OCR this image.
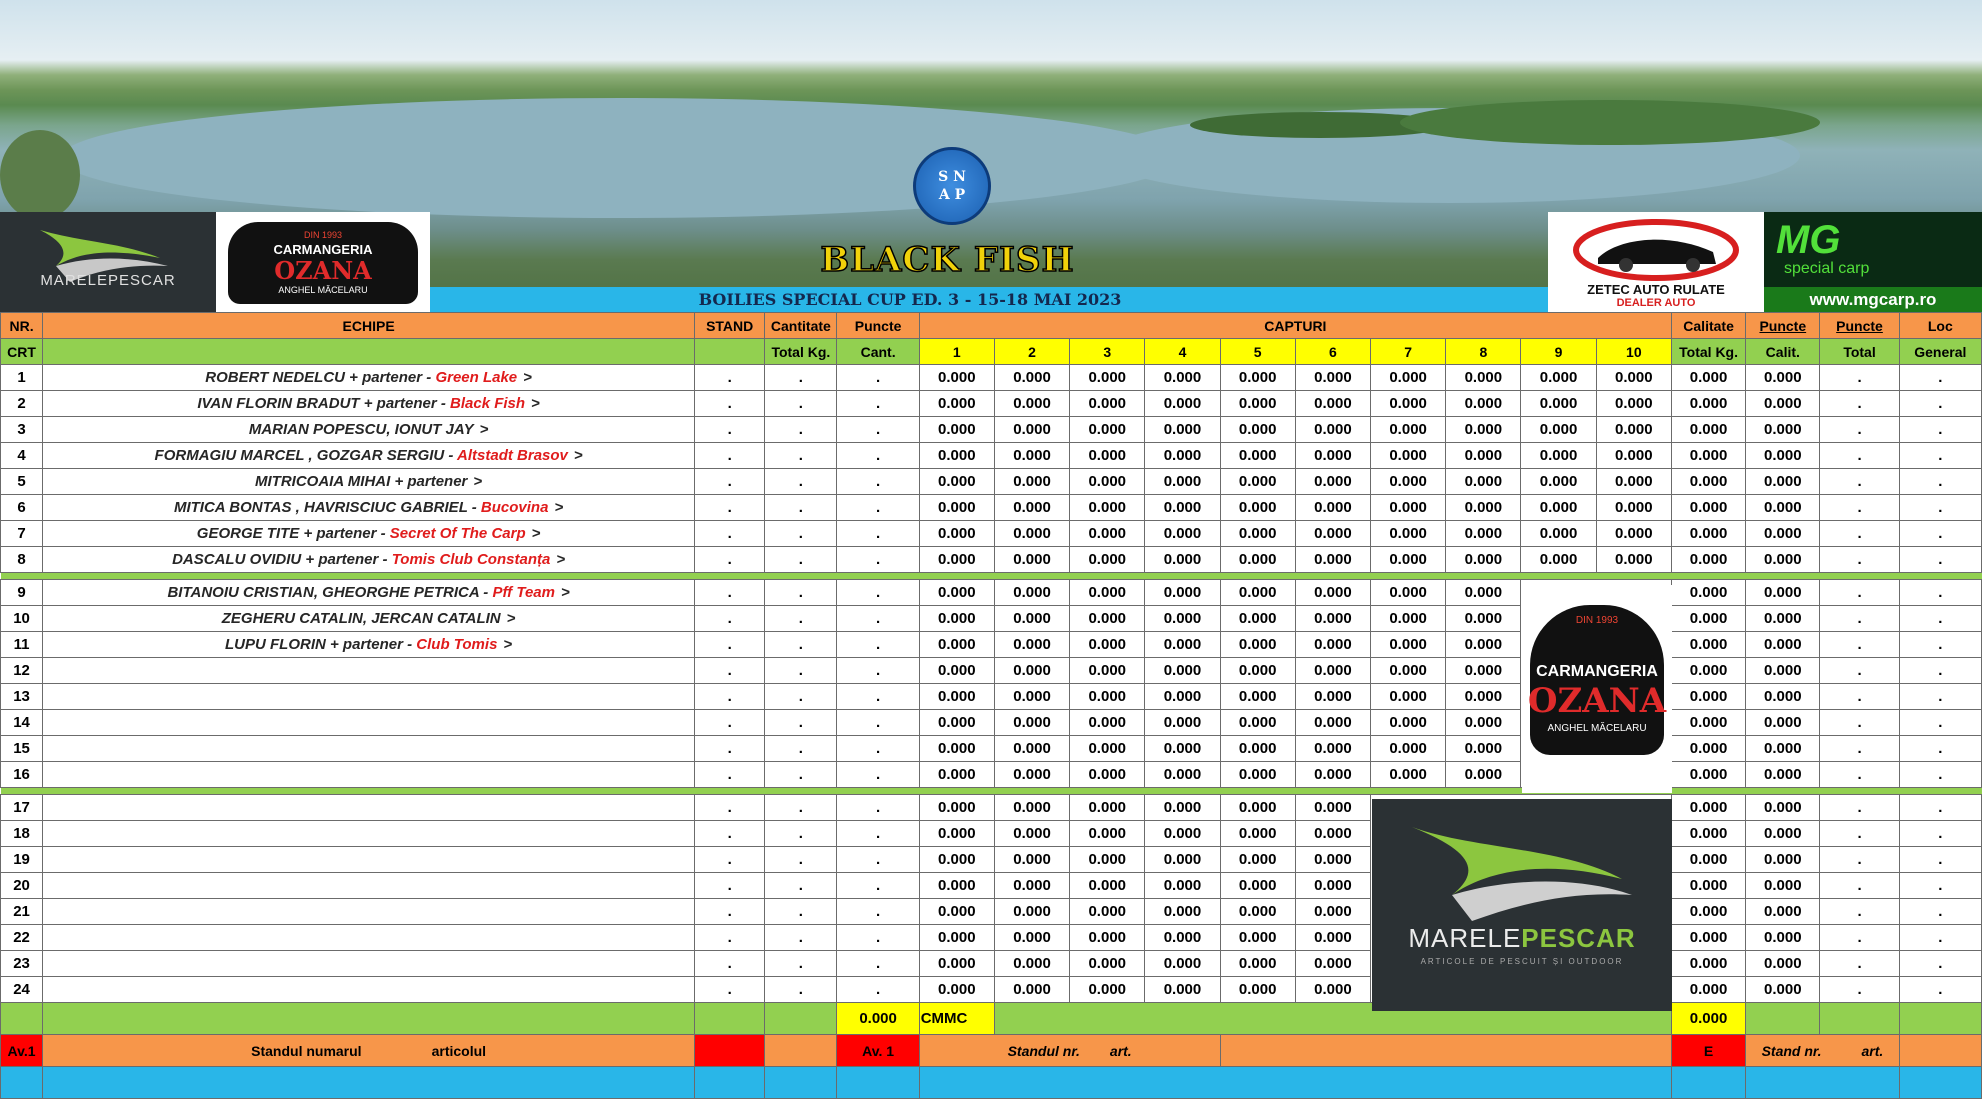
MARELEPESCAR
DIN 1993
CARMANGERIA
OZANA
ANGHEL MĂCELARU
S N
A P
BLACK FISH
BOILIES SPECIAL CUP ED. 3 - 15-18 MAI 2023
ZETEC AUTO RULATE
DEALER AUTO
MG
special carp
www.mgcarp.ro
NR.	ECHIPE	STAND	Cantitate	Puncte	CAPTURI										Calitate	Puncte	Puncte	Loc
CRT			Total Kg.	Cant.	1	2	3	4	5	6	7	8	9	10	Total Kg.	Calit.	Total	General
1	ROBERT NEDELCU + partener - Green Lake >	.	.	.	0.000	0.000	0.000	0.000	0.000	0.000	0.000	0.000	0.000	0.000	0.000	0.000	.	.
2	IVAN FLORIN BRADUT + partener - Black Fish >	.	.	.	0.000	0.000	0.000	0.000	0.000	0.000	0.000	0.000	0.000	0.000	0.000	0.000	.	.
3	MARIAN POPESCU, IONUT JAY >	.	.	.	0.000	0.000	0.000	0.000	0.000	0.000	0.000	0.000	0.000	0.000	0.000	0.000	.	.
4	FORMAGIU MARCEL , GOZGAR SERGIU - Altstadt Brasov >	.	.	.	0.000	0.000	0.000	0.000	0.000	0.000	0.000	0.000	0.000	0.000	0.000	0.000	.	.
5	MITRICOAIA MIHAI + partener >	.	.	.	0.000	0.000	0.000	0.000	0.000	0.000	0.000	0.000	0.000	0.000	0.000	0.000	.	.
6	MITICA BONTAS , HAVRISCIUC GABRIEL - Bucovina >	.	.	.	0.000	0.000	0.000	0.000	0.000	0.000	0.000	0.000	0.000	0.000	0.000	0.000	.	.
7	GEORGE TITE + partener - Secret Of The Carp >	.	.	.	0.000	0.000	0.000	0.000	0.000	0.000	0.000	0.000	0.000	0.000	0.000	0.000	.	.
8	DASCALU OVIDIU + partener - Tomis Club Constanța >	.	.	.	0.000	0.000	0.000	0.000	0.000	0.000	0.000	0.000	0.000	0.000	0.000	0.000	.	.

9	BITANOIU CRISTIAN, GHEORGHE PETRICA - Pff Team >	.	.	.	0.000	0.000	0.000	0.000	0.000	0.000	0.000	0.000			0.000	0.000	.	.
10	ZEGHERU CATALIN, JERCAN CATALIN >	.	.	.	0.000	0.000	0.000	0.000	0.000	0.000	0.000	0.000			0.000	0.000	.	.
11	LUPU FLORIN + partener - Club Tomis >	.	.	.	0.000	0.000	0.000	0.000	0.000	0.000	0.000	0.000			0.000	0.000	.	.
12		.	.	.	0.000	0.000	0.000	0.000	0.000	0.000	0.000	0.000			0.000	0.000	.	.
13		.	.	.	0.000	0.000	0.000	0.000	0.000	0.000	0.000	0.000			0.000	0.000	.	.
14		.	.	.	0.000	0.000	0.000	0.000	0.000	0.000	0.000	0.000			0.000	0.000	.	.
15		.	.	.	0.000	0.000	0.000	0.000	0.000	0.000	0.000	0.000			0.000	0.000	.	.
16		.	.	.	0.000	0.000	0.000	0.000	0.000	0.000	0.000	0.000			0.000	0.000	.	.

17		.	.	.	0.000	0.000	0.000	0.000	0.000	0.000					0.000	0.000	.	.
18		.	.	.	0.000	0.000	0.000	0.000	0.000	0.000					0.000	0.000	.	.
19		.	.	.	0.000	0.000	0.000	0.000	0.000	0.000					0.000	0.000	.	.
20		.	.	.	0.000	0.000	0.000	0.000	0.000	0.000					0.000	0.000	.	.
21		.	.	.	0.000	0.000	0.000	0.000	0.000	0.000					0.000	0.000	.	.
22		.	.	.	0.000	0.000	0.000	0.000	0.000	0.000					0.000	0.000	.	.
23		.	.	.	0.000	0.000	0.000	0.000	0.000	0.000					0.000	0.000	.	.
24		.	.	.	0.000	0.000	0.000	0.000	0.000	0.000					0.000	0.000	.	.
				0.000	CMMC										0.000			
Av.1	Standul numarul articolul			Av. 1	Standul nr. art.										E	Stand nr. art.		

DIN 1993
CARMANGERIA
OZANA
ANGHEL MĂCELARU
MARELEPESCAR
ARTICOLE DE PESCUIT ȘI OUTDOOR
